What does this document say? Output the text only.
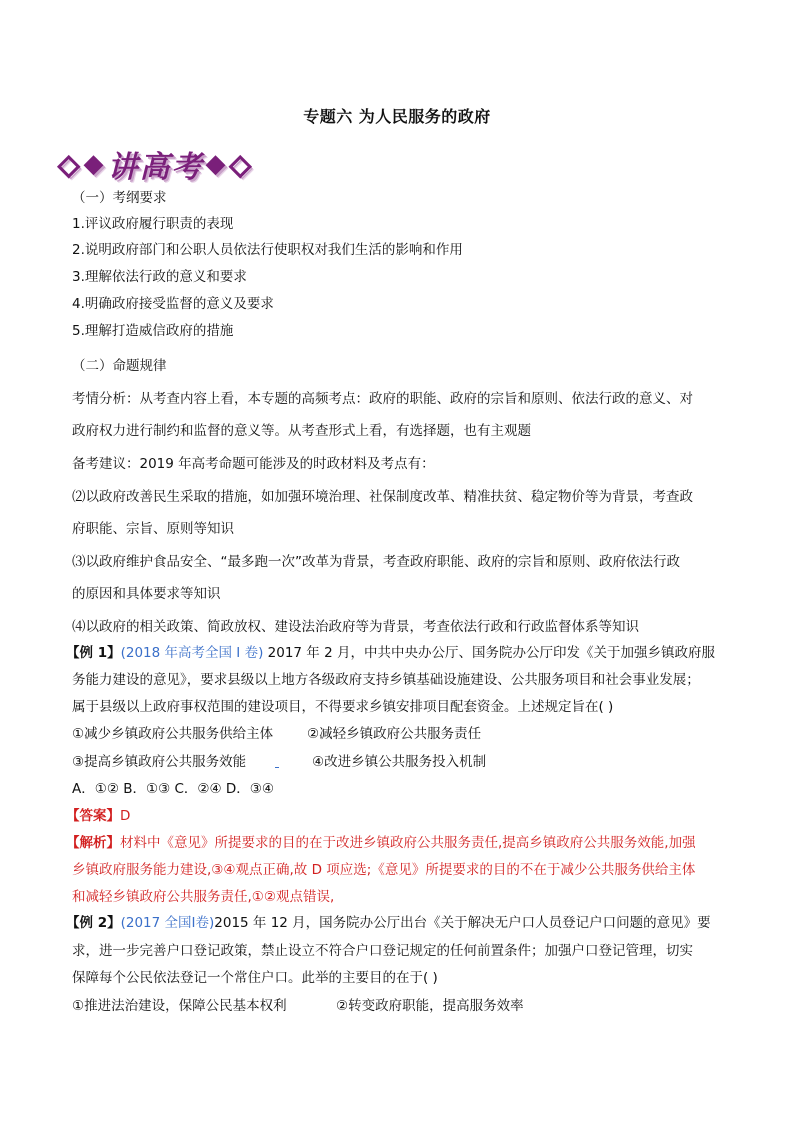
专题六 为人民服务的政府
◇ ◆ 讲高考 ◆ ◇
（一）考纲要求
1.评议政府履行职责的表现
2.说明政府部门和公职人员依法行使职权对我们生活的影响和作用
3.理解依法行政的意义和要求
4.明确政府接受监督的意义及要求
5.理解打造威信政府的措施
（二）命题规律
考情分析：从考查内容上看，本专题的高频考点：政府的职能、政府的宗旨和原则、依法行政的意义、对
政府权力进行制约和监督的意义等。从考查形式上看，有选择题，也有主观题
备考建议：2019 年高考命题可能涉及的时政材料及考点有：
⑵以政府改善民生采取的措施，如加强环境治理、社保制度改革、精准扶贫、稳定物价等为背景，考查政
府职能、宗旨、原则等知识
⑶以政府维护食品安全、“最多跑一次”改革为背景，考查政府职能、政府的宗旨和原则、政府依法行政
的原因和具体要求等知识
⑷以政府的相关政策、简政放权、建设法治政府等为背景，考查依法行政和行政监督体系等知识
【例 1】(2018 年高考全国 I 卷) 2017 年 2 月，中共中央办公厅、国务院办公厅印发《关于加强乡镇政府服
务能力建设的意见》，要求县级以上地方各级政府支持乡镇基础设施建设、公共服务项目和社会事业发展；
属于县级以上政府事权范围的建设项目，不得要求乡镇安排项目配套资金。上述规定旨在( )
①减少乡镇政府公共服务供给主体	②减轻乡镇政府公共服务责任
③提高乡镇政府公共服务效能	④改进乡镇公共服务投入机制
A．①② B．①③ C．②④ D．③④
【答案】D
【解析】材料中《意见》所提要求的目的在于改进乡镇政府公共服务责任,提高乡镇政府公共服务效能,加强
乡镇政府服务能力建设,③④观点正确,故 D 项应选;《意见》所提要求的目的不在于减少公共服务供给主体
和减轻乡镇政府公共服务责任,①②观点错误,
【例 2】(2017 全国Ⅰ卷)2015 年 12 月，国务院办公厅出台《关于解决无户口人员登记户口问题的意见》要
求，进一步完善户口登记政策，禁止设立不符合户口登记规定的任何前置条件；加强户口登记管理，切实
保障每个公民依法登记一个常住户口。此举的主要目的在于( )
①推进法治建设，保障公民基本权利	②转变政府职能，提高服务效率
